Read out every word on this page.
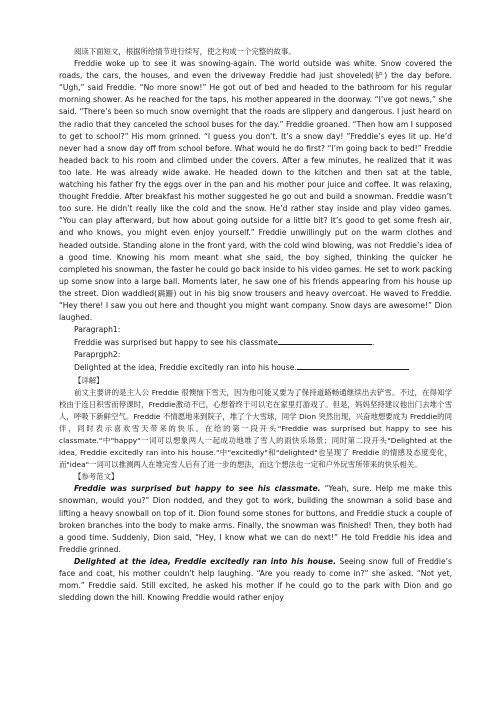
阅读下面短文，根据所给情节进行续写，使之构成一个完整的故事。

Freddie woke up to see it was snowing-again. The world outside was white. Snow covered the roads, the cars, the houses, and even the driveway Freddie had just shoveled(铲) the day before. “Ugh,” said Freddie. “No more snow!” He got out of bed and headed to the bathroom for his regular morning shower. As he reached for the taps, his mother appeared in the doorway. “I’ve got news,” she said. “There’s been so much snow overnight that the roads are slippery and dangerous. I just heard on the radio that they canceled the school buses for the day.” Freddie groaned. “Then how am I supposed to get to school?” His mom grinned. “I guess you don’t. It’s a snow day! ”Freddie’s eyes lit up. He’d never had a snow day off from school before. What would he do first? “I’m going back to bed!” Freddie headed back to his room and climbed under the covers. After a few minutes, he realized that it was too late. He was already wide awake. He headed down to the kitchen and then sat at the table, watching his father fry the eggs over in the pan and his mother pour juice and coffee. It was relaxing, thought Freddie. After breakfast his mother suggested he go out and build a snowman. Freddie wasn’t too sure. He didn’t really like the cold and the snow. He’d rather stay inside and play video games. “You can play afterward, but how about going outside for a little bit? It’s good to get some fresh air, and who knows, you might even enjoy yourself.” Freddie unwillingly put on the warm clothes and headed outside. Standing alone in the front yard, with the cold wind blowing, was not Freddie’s idea of a good time. Knowing his mom meant what she said, the boy sighed, thinking the quicker he completed his snowman, the faster he could go back inside to his video games. He set to work packing up some snow into a large ball. Moments later, he saw one of his friends appearing from his house up the street. Dion waddled(蹒跚) out in his big snow trousers and heavy overcoat. He waved to Freddie. “Hey there! I saw you out here and thought you might want company. Snow days are awesome!” Dion laughed.

Paragraph1:

Freddie was surprised but happy to see his classmate	.

Paraprgph2:

Delighted at the idea, Freddie excitedly ran into his house.

【详解】

前文主要讲的是主人公 Freddie 很懊恼下雪天，因为他可能又要为了保持道路畅通继续出去铲雪。不过，在得知学校由于连日积雪而停课时，Freddie激动不已，心想着终于可以宅在家里打游戏了。但是，妈妈坚持建议他出门去堆个雪人，呼吸下新鲜空气。Freddie 不情愿地来到院子，堆了个大雪球，同学 Dion 突然出现，兴奋地想要成为 Freddie的同伴，同时表示喜欢雪天带来的快乐。在给的第一段开头"Freddie was surprised but happy to see his classmate."中"happy"一词可以想象两人一起成功地堆了雪人的雨快乐场景；同时第二段开头"Delighted at the idea, Freddie excitedly ran into his house."中"excitedly"和"delighted"也呈现了 Freddie 的情感及态度变化，而"idea"一词可以推测两人在堆完雪人后有了进一步的想法，而这个想法也一定和户外玩雪所带来的快乐相关。

【参考范文】

Freddie was surprised but happy to see his classmate. “Yeah, sure. Help me make this snowman, would you?” Dion nodded, and they got to work, building the snowman a solid base and lifting a heavy snowball on top of it. Dion found some stones for buttons, and Freddie stuck a couple of broken branches into the body to make arms. Finally, the snowman was finished! Then, they both had a good time. Suddenly, Dion said, “Hey, I know what we can do next!” He told Freddie his idea and Freddie grinned.

Delighted at the idea, Freddie excitedly ran into his house. Seeing snow full of Freddie’s face and coat, his mother couldn’t help laughing. “Are you ready to come in?” she asked. “Not yet, mom.” Freddie said. Still excited, he asked his mother if he could go to the park with Dion and go sledding down the hill. Knowing Freddie would rather enjoy
